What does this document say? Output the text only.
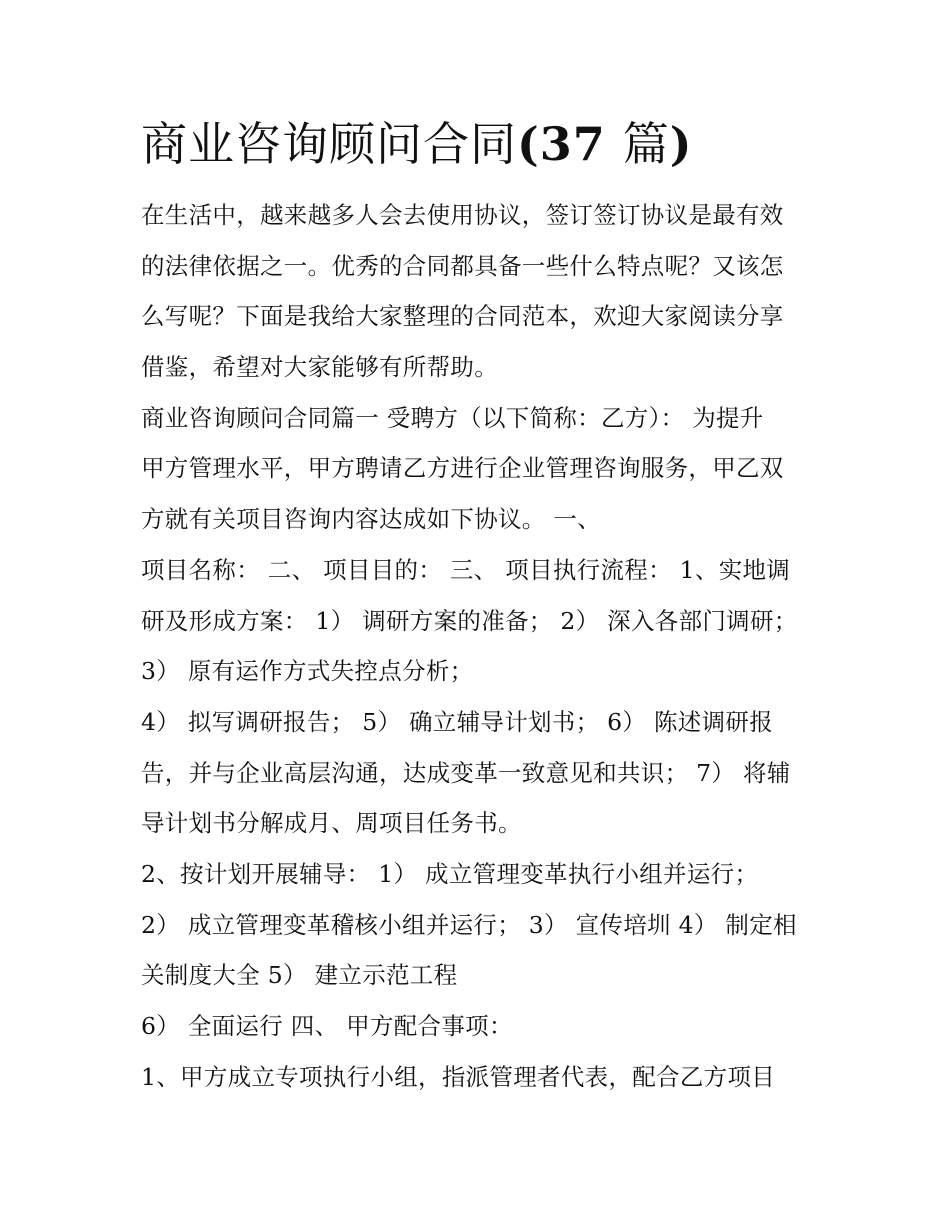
商业咨询顾问合同(37 篇)
在生活中，越来越多人会去使用协议，签订签订协议是最有效
的法律依据之一。优秀的合同都具备一些什么特点呢？又该怎
么写呢？下面是我给大家整理的合同范本，欢迎大家阅读分享
借鉴，希望对大家能够有所帮助。
商业咨询顾问合同篇一 受聘方（以下简称：乙方）： 为提升
甲方管理水平，甲方聘请乙方进行企业管理咨询服务，甲乙双
方就有关项目咨询内容达成如下协议。 一、
项目名称： 二、 项目目的： 三、 项目执行流程： 1、实地调
研及形成方案： 1） 调研方案的准备； 2） 深入各部门调研；
3） 原有运作方式失控点分析；
4） 拟写调研报告； 5） 确立辅导计划书； 6） 陈述调研报
告，并与企业高层沟通，达成变革一致意见和共识； 7） 将辅
导计划书分解成月、周项目任务书。
2、按计划开展辅导： 1） 成立管理变革执行小组并运行；
2） 成立管理变革稽核小组并运行； 3） 宣传培圳 4） 制定相
关制度大全 5） 建立示范工程
6） 全面运行 四、 甲方配合事项：
1、甲方成立专项执行小组，指派管理者代表，配合乙方项目
